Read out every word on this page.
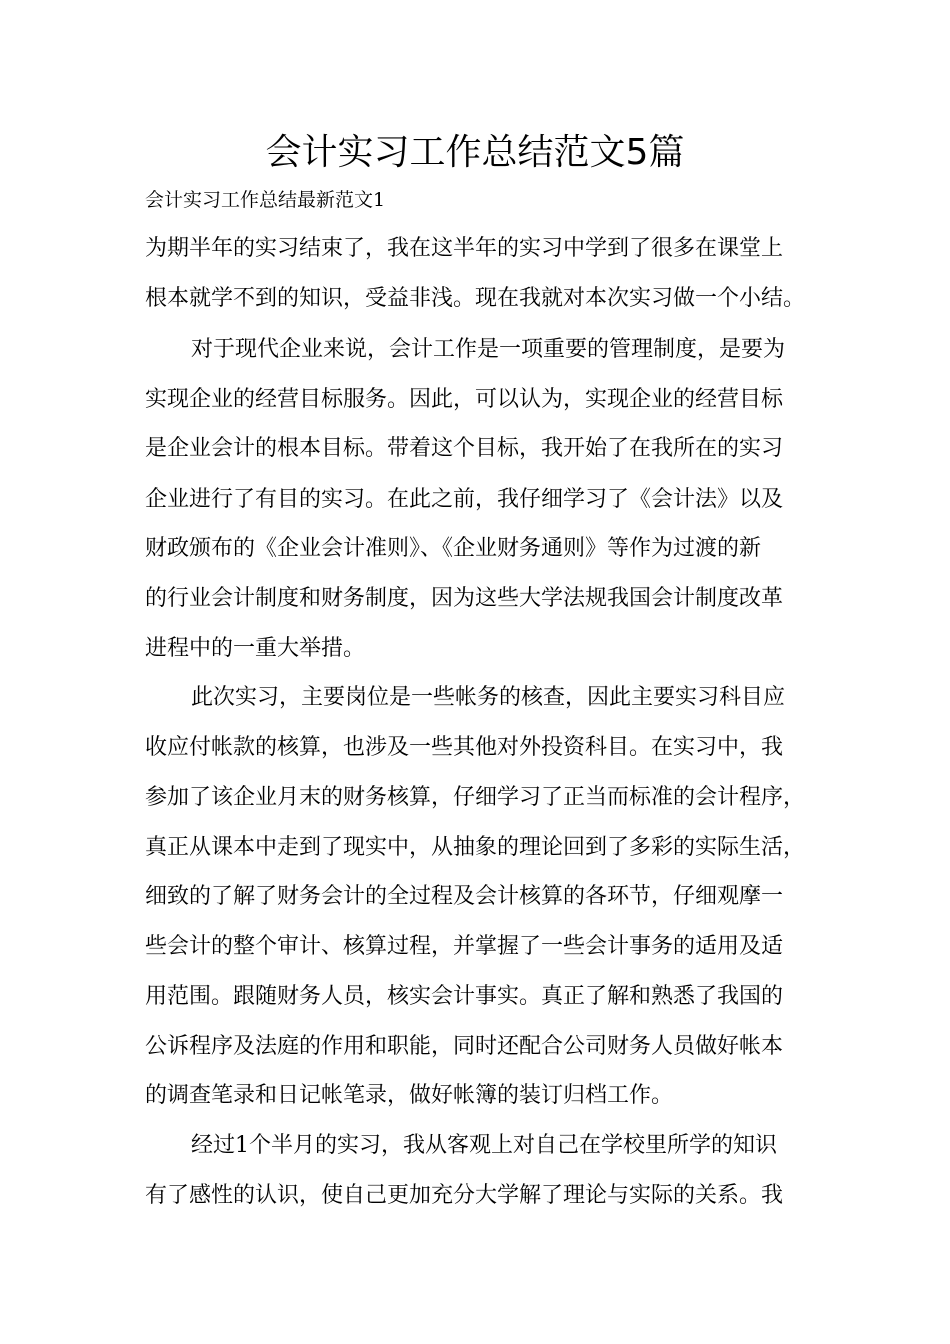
会计实习工作总结范文5篇

会计实习工作总结最新范文1

为期半年的实习结束了，我在这半年的实习中学到了很多在课堂上

根本就学不到的知识，受益非浅。现在我就对本次实习做一个小结。

对于现代企业来说，会计工作是一项重要的管理制度，是要为

实现企业的经营目标服务。因此，可以认为，实现企业的经营目标

是企业会计的根本目标。带着这个目标，我开始了在我所在的实习

企业进行了有目的实习。在此之前，我仔细学习了《会计法》以及

财政颁布的《企业会计准则》、《企业财务通则》等作为过渡的新

的行业会计制度和财务制度，因为这些大学法规我国会计制度改革

进程中的一重大举措。

此次实习，主要岗位是一些帐务的核查，因此主要实习科目应

收应付帐款的核算，也涉及一些其他对外投资科目。在实习中，我

参加了该企业月末的财务核算，仔细学习了正当而标准的会计程序，

真正从课本中走到了现实中，从抽象的理论回到了多彩的实际生活，

细致的了解了财务会计的全过程及会计核算的各环节，仔细观摩一

些会计的整个审计、核算过程，并掌握了一些会计事务的适用及适

用范围。跟随财务人员，核实会计事实。真正了解和熟悉了我国的

公诉程序及法庭的作用和职能，同时还配合公司财务人员做好帐本

的调查笔录和日记帐笔录，做好帐簿的装订归档工作。

经过1个半月的实习，我从客观上对自己在学校里所学的知识

有了感性的认识，使自己更加充分大学解了理论与实际的关系。我
